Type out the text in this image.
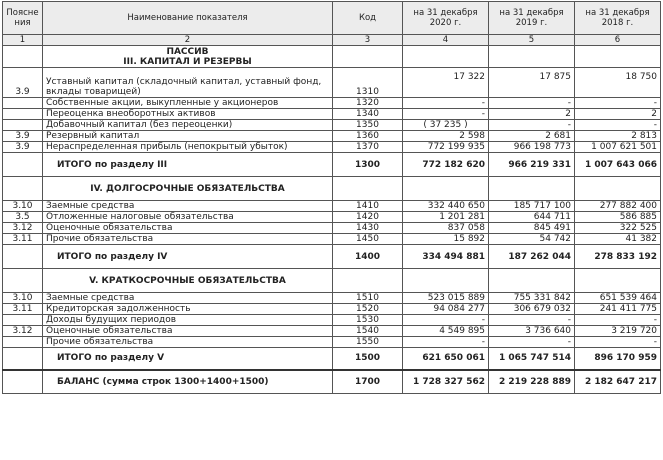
Поясне ния	Наименование показателя	Код	на 31 декабря 2020 г.	на 31 декабря 2019 г.	на 31 декабря 2018 г.
1	2	3	4	5	6

	ПАССИВ
III. КАПИТАЛ И РЕЗЕРВЫ				

3.9	Уставный капитал (складочный капитал, уставный фонд, вклады товарищей)	1310	17 322	17 875	18 750
	Собственные акции, выкупленные у акционеров	1320	-	-	-
	Переоценка внеоборотных активов	1340	-	2	2
	Добавочный капитал (без переоценки)	1350	( 37 235 )	-	-
3.9	Резервный капитал	1360	2 598	2 681	2 813
3.9	Нераспределенная прибыль (непокрытый убыток)	1370	772 199 935	966 198 773	1 007 621 501
	ИТОГО по разделу III	1300	772 182 620	966 219 331	1 007 643 066
	IV. ДОЛГОСРОЧНЫЕ ОБЯЗАТЕЛЬСТВА				
3.10	Заемные средства	1410	332 440 650	185 717 100	277 882 400
3.5	Отложенные налоговые обязательства	1420	1 201 281	644 711	586 885
3.12	Оценочные обязательства	1430	837 058	845 491	322 525
3.11	Прочие обязательства	1450	15 892	54 742	41 382
	ИТОГО по разделу IV	1400	334 494 881	187 262 044	278 833 192
	V. КРАТКОСРОЧНЫЕ ОБЯЗАТЕЛЬСТВА				
3.10	Заемные средства	1510	523 015 889	755 331 842	651 539 464
3.11	Кредиторская задолженность	1520	94 084 277	306 679 032	241 411 775
	Доходы будущих периодов	1530	-	-	-
3.12	Оценочные обязательства	1540	4 549 895	3 736 640	3 219 720
	Прочие обязательства	1550	-	-	-
	ИТОГО по разделу V	1500	621 650 061	1 065 747 514	896 170 959
	БАЛАНС (сумма строк 1300+1400+1500)	1700	1 728 327 562	2 219 228 889	2 182 647 217
